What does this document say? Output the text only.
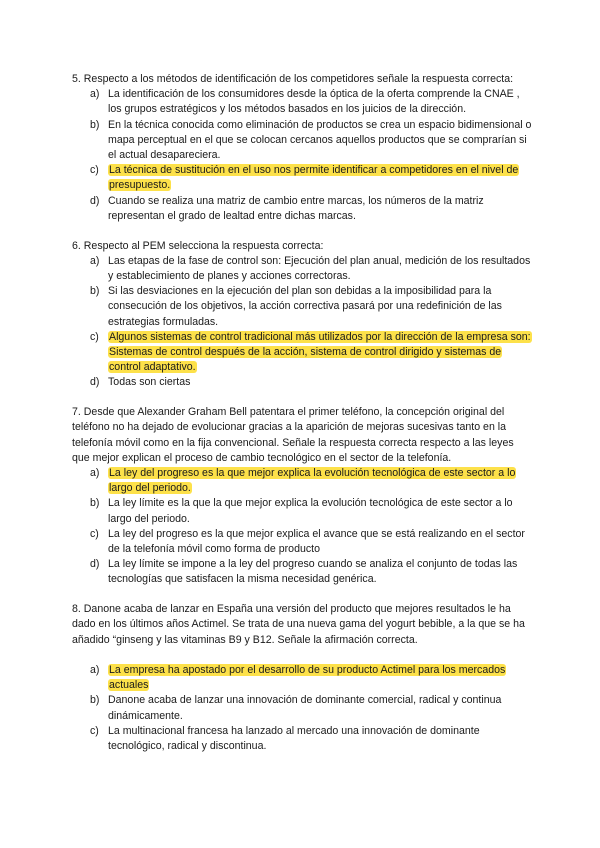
5. Respecto a los métodos de identificación de los competidores señale la respuesta correcta:

a) La identificación de los consumidores desde la óptica de la oferta comprende la CNAE , los grupos estratégicos y los métodos basados en los juicios de la dirección.
b) En la técnica conocida como eliminación de productos se crea un espacio bidimensional o mapa perceptual en el que se colocan cercanos aquellos productos que se comprarían si el actual desapareciera.
c) La técnica de sustitución en el uso nos permite identificar a competidores en el nivel de presupuesto.
d) Cuando se realiza una matriz de cambio entre marcas, los números de la matriz representan el grado de lealtad entre dichas marcas.

6. Respecto al PEM selecciona la respuesta correcta:

a) Las etapas de la fase de control son: Ejecución del plan anual, medición de los resultados y establecimiento de planes y acciones correctoras.
b) Si las desviaciones en la ejecución del plan son debidas a la imposibilidad para la consecución de los objetivos, la acción correctiva pasará por una redefinición de las estrategias formuladas.
c) Algunos sistemas de control tradicional más utilizados por la dirección de la empresa son: Sistemas de control después de la acción, sistema de control dirigido y sistemas de control adaptativo.
d) Todas son ciertas

7. Desde que Alexander Graham Bell patentara el primer teléfono, la concepción original del teléfono no ha dejado de evolucionar gracias a la aparición de mejoras sucesivas tanto en la telefonía móvil como en la fija convencional. Señale la respuesta correcta respecto a las leyes que mejor explican el proceso de cambio tecnológico en el sector de la telefonía.

a) La ley del progreso es la que mejor explica la evolución tecnológica de este sector a lo largo del periodo.
b) La ley límite es la que la que mejor explica la evolución tecnológica de este sector a lo largo del periodo.
c) La ley del progreso es la que mejor explica el avance que se está realizando en el sector de la telefonía móvil como forma de producto
d) La ley límite se impone a la ley del progreso cuando se analiza el conjunto de todas las tecnologías que satisfacen la misma necesidad genérica.

8. Danone acaba de lanzar en España una versión del producto que mejores resultados le ha dado en los últimos años Actimel. Se trata de una nueva gama del yogurt bebible, a la que se ha añadido “ginseng y las vitaminas B9 y B12. Señale la afirmación correcta.

a) La empresa ha apostado por el desarrollo de su producto Actimel para los mercados actuales
b) Danone acaba de lanzar una innovación de dominante comercial, radical y continua dinámicamente.
c) La multinacional francesa ha lanzado al mercado una innovación de dominante tecnológico, radical y discontinua.
